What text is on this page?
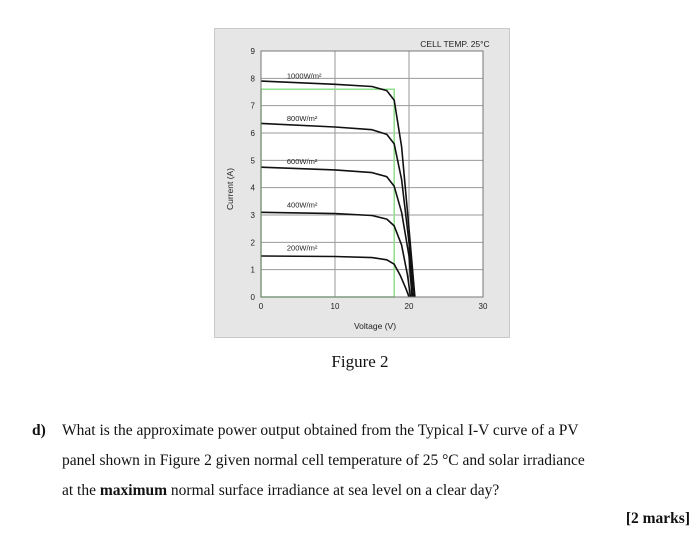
0
1
2
3
4
5
6
7
8
9
0	10	20	30
1000W/m²
800W/m²
600W/m²
400W/m²
200W/m²
CELL TEMP. 25°C
Voltage (V)
Current (A)
Figure 2
d) What is the approximate power output obtained from the Typical I-V curve of a PV
panel shown in Figure 2 given normal cell temperature of 25 °C and solar irradiance
at the maximum normal surface irradiance at sea level on a clear day?
[2 marks]
